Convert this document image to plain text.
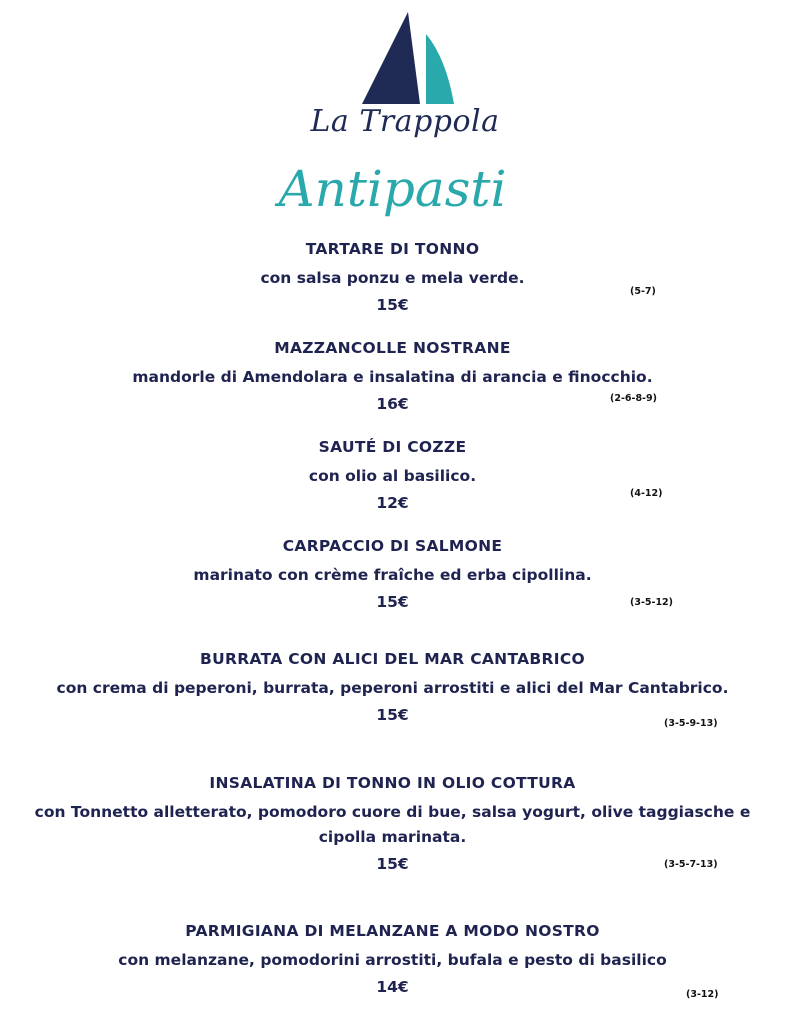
La Trappola
Antipasti
TARTARE DI TONNO
con salsa ponzu e mela verde.
15€
(5-7)
MAZZANCOLLE NOSTRANE
mandorle di Amendolara e insalatina di arancia e finocchio.
16€	(2-6-8-9)
SAUTÉ DI COZZE
con olio al basilico.
12€
(4-12)
CARPACCIO DI SALMONE
marinato con crème fraîche ed erba cipollina.
15€	(3-5-12)
BURRATA CON ALICI DEL MAR CANTABRICO
con crema di peperoni, burrata, peperoni arrostiti e alici del Mar Cantabrico.
15€	(3-5-9-13)
INSALATINA DI TONNO IN OLIO COTTURA
con Tonnetto alletterato, pomodoro cuore di bue, salsa yogurt, olive taggiasche e cipolla marinata.
15€	(3-5-7-13)
PARMIGIANA DI MELANZANE A MODO NOSTRO
con melanzane, pomodorini arrostiti, bufala e pesto di basilico
14€	(3-12)
